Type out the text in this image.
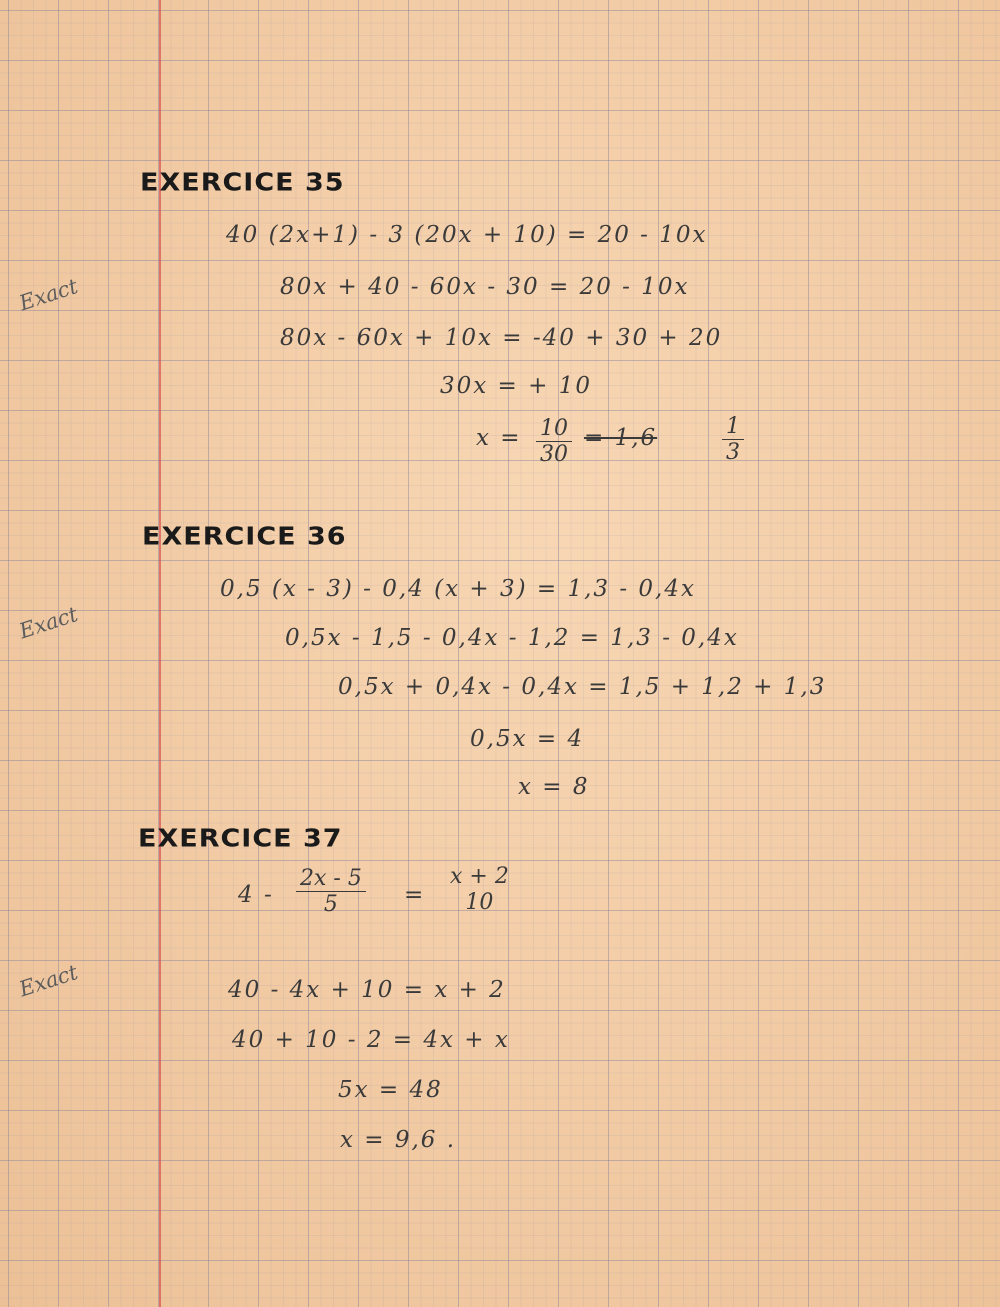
Exact
Exact
Exact
EXERCICE 35
40 (2x+1) - 3 (20x + 10) = 20 - 10x
80x + 40 - 60x - 30 = 20 - 10x
80x - 60x + 10x = -40 + 30 + 20
30x = + 10
x = 10
30
= 1,6	1
3
EXERCICE 36
0,5 (x - 3) - 0,4 (x + 3) = 1,3 - 0,4x
0,5x - 1,5 - 0,4x - 1,2 = 1,3 - 0,4x
0,5x + 0,4x - 0,4x = 1,5 + 1,2 + 1,3
0,5x = 4
x = 8
EXERCICE 37
4 -
2x - 5
5	=
x + 2
10
40 - 4x + 10 = x + 2
40 + 10 - 2 = 4x + x
5x = 48
x = 9,6 .
